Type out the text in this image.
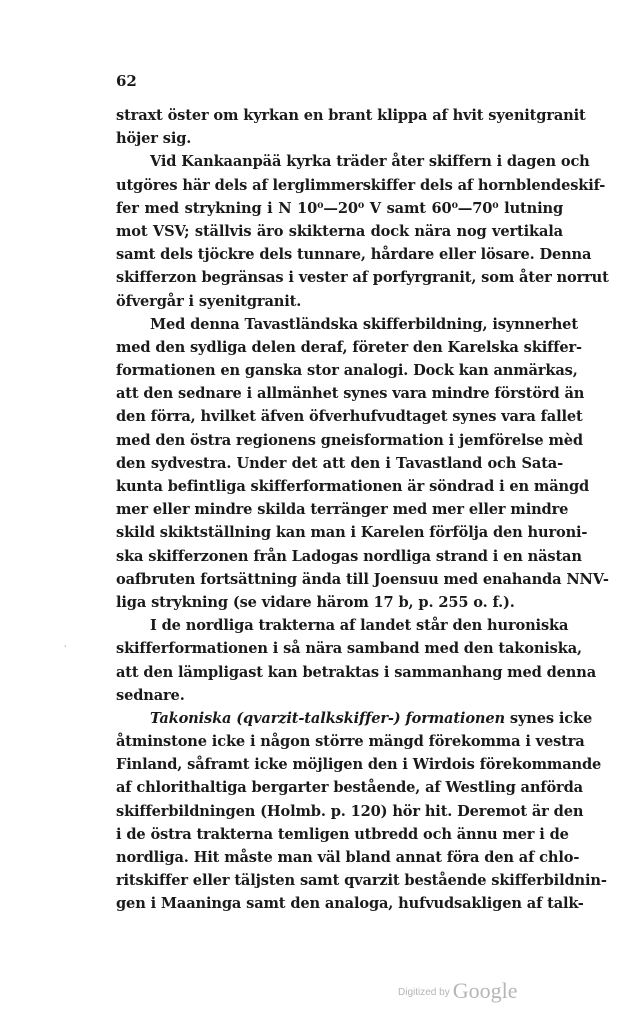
62
straxt öster om kyrkan en brant klippa af hvit syenitgranit
höjer sig.
Vid Kankaanpää kyrka träder åter skiffern i dagen och
utgöres här dels af lerglimmerskiffer dels af hornblendeskif-
fer med strykning i N 10⁰—20⁰ V samt 60⁰—70⁰ lutning
mot VSV; ställvis äro skikterna dock nära nog vertikala
samt dels tjöckre dels tunnare, hårdare eller lösare. Denna
skifferzon begränsas i vester af porfyrgranit, som åter norrut
öfvergår i syenitgranit.
Med denna Tavastländska skifferbildning, isynnerhet
med den sydliga delen deraf, företer den Karelska skiffer-
formationen en ganska stor analogi. Dock kan anmärkas,
att den sednare i allmänhet synes vara mindre förstörd än
den förra, hvilket äfven öfverhufvudtaget synes vara fallet
med den östra regionens gneisformation i jemförelse mèd
den sydvestra. Under det att den i Tavastland och Sata-
kunta befintliga skifferformationen är söndrad i en mängd
mer eller mindre skilda terränger med mer eller mindre
skild skiktställning kan man i Karelen förfölja den huroni-
ska skifferzonen från Ladogas nordliga strand i en nästan
oafbruten fortsättning ända till Joensuu med enahanda NNV-
liga strykning (se vidare härom 17 b, p. 255 o. f.).
I de nordliga trakterna af landet står den huroniska
skifferformationen i så nära samband med den takoniska,
att den lämpligast kan betraktas i sammanhang med denna
sednare.
Takoniska (qvarzit-talkskiffer-) formationen synes icke
åtminstone icke i någon större mängd förekomma i vestra
Finland, såframt icke möjligen den i Wirdois förekommande
af chlorithaltiga bergarter bestående, af Westling anförda
skifferbildningen (Holmb. p. 120) hör hit. Deremot är den
i de östra trakterna temligen utbredd och ännu mer i de
nordliga. Hit måste man väl bland annat föra den af chlo-
ritskiffer eller täljsten samt qvarzit bestående skifferbildnin-
gen i Maaninga samt den analoga, hufvudsakligen af talk-
·
Digitized by Google
